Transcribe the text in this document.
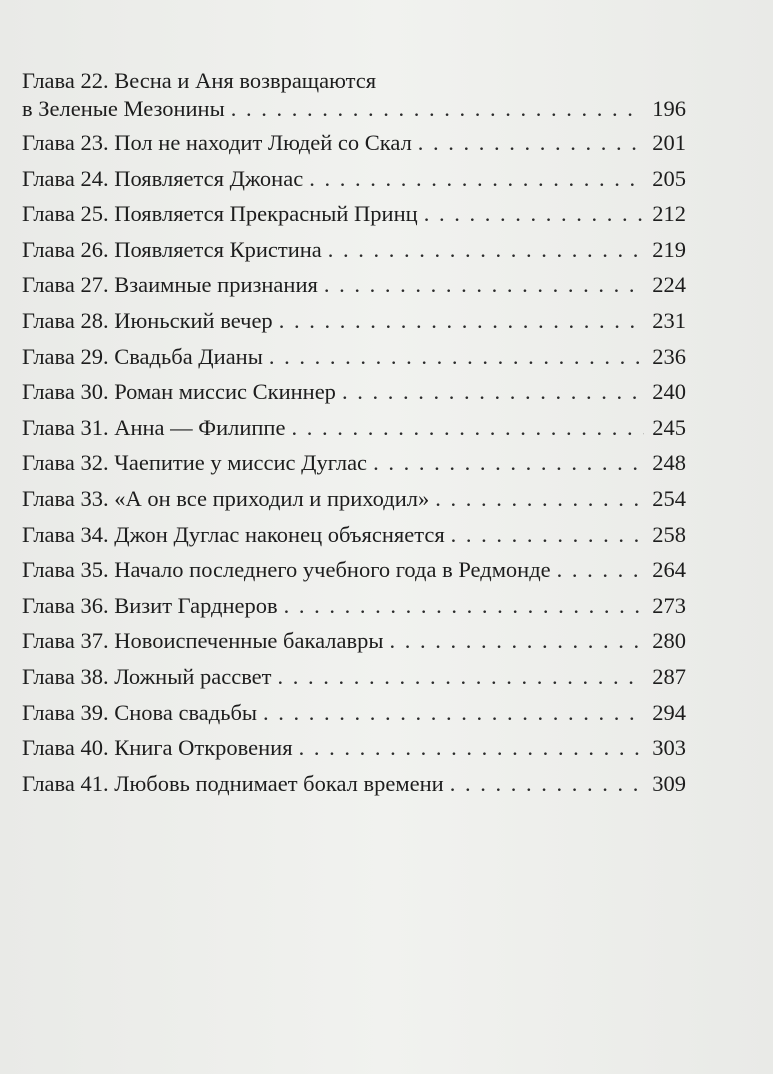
Глава 22. Весна и Аня возвращаются
в Зеленые Мезонины . . .	196
Глава 23. Пол не находит Людей со Скал . . .	201
Глава 24. Появляется Джонас . . .	205
Глава 25. Появляется Прекрасный Принц . . .	212
Глава 26. Появляется Кристина . . .	219
Глава 27. Взаимные признания . . .	224
Глава 28. Июньский вечер . . .	231
Глава 29. Свадьба Дианы . . .	236
Глава 30. Роман миссис Скиннер . . .	240
Глава 31. Анна — Филиппе . . .	245
Глава 32. Чаепитие у миссис Дуглас . . .	248
Глава 33. «А он все приходил и приходил» . . .	254
Глава 34. Джон Дуглас наконец объясняется . . .	258
Глава 35. Начало последнего учебного года в Редмонде . . .	264
Глава 36. Визит Гарднеров . . .	273
Глава 37. Новоиспеченные бакалавры . . .	280
Глава 38. Ложный рассвет . . .	287
Глава 39. Снова свадьбы . . .	294
Глава 40. Книга Откровения . . .	303
Глава 41. Любовь поднимает бокал времени . . .	309
